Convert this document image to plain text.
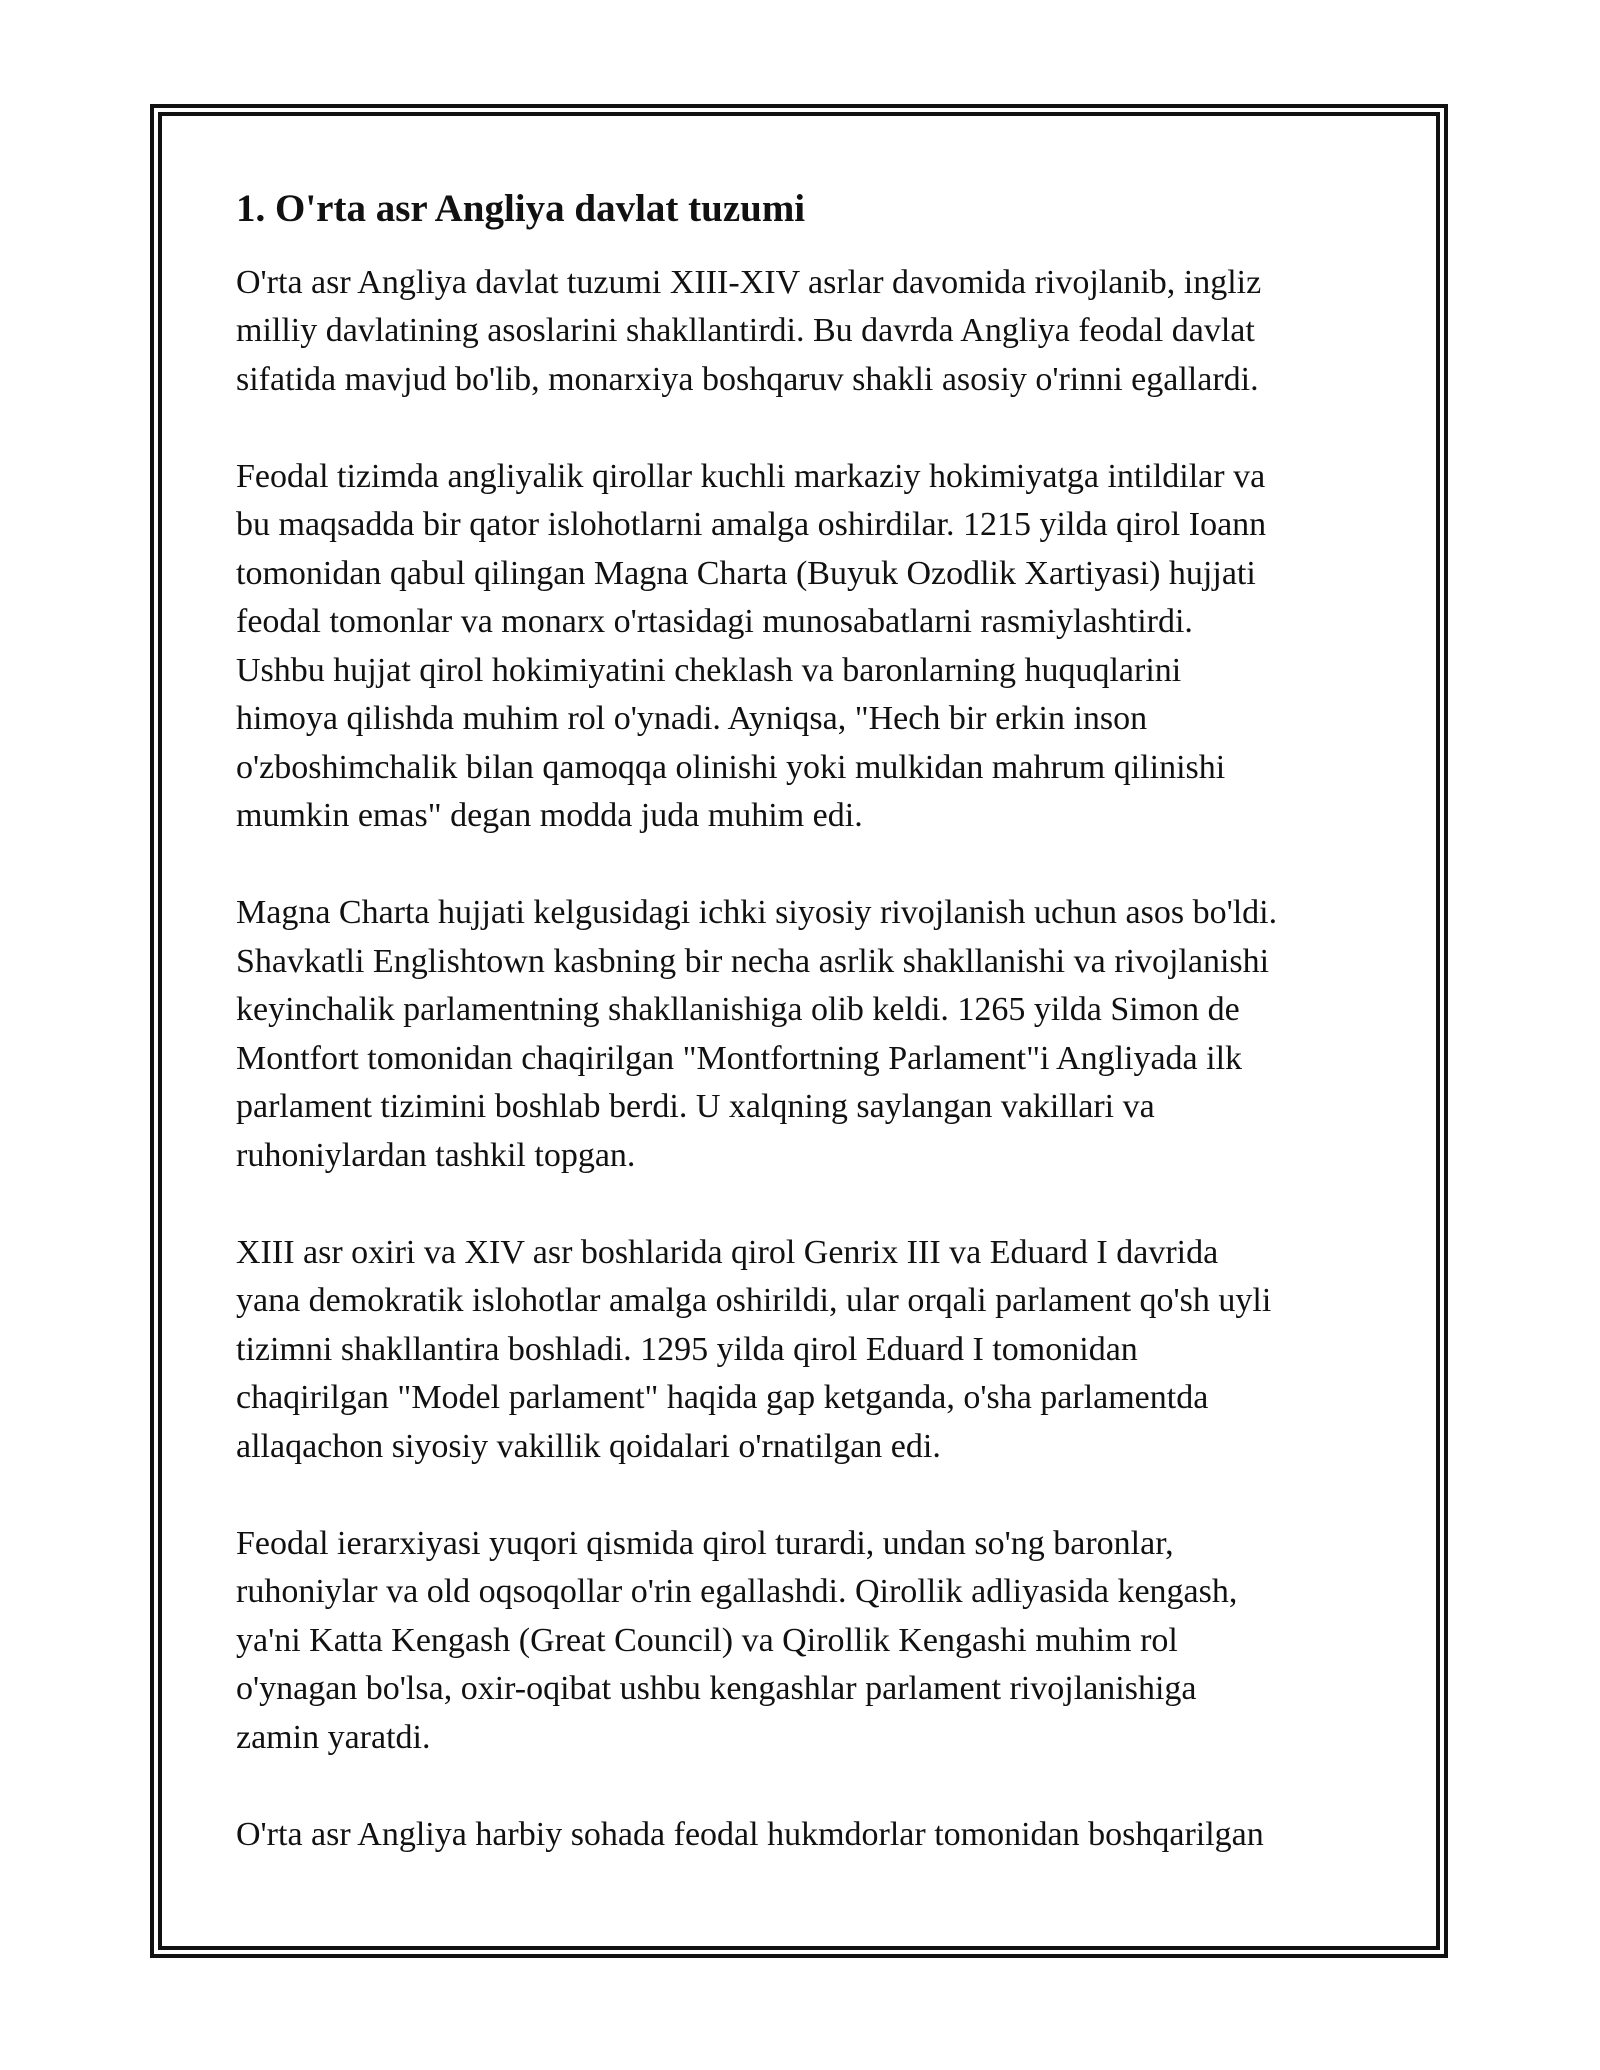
1. O'rta asr Angliya davlat tuzumi

O'rta asr Angliya davlat tuzumi XIII-XIV asrlar davomida rivojlanib, ingliz
milliy davlatining asoslarini shakllantirdi. Bu davrda Angliya feodal davlat
sifatida mavjud bo'lib, monarxiya boshqaruv shakli asosiy o'rinni egallardi.

Feodal tizimda angliyalik qirollar kuchli markaziy hokimiyatga intildilar va
bu maqsadda bir qator islohotlarni amalga oshirdilar. 1215 yilda qirol Ioann
tomonidan qabul qilingan Magna Charta (Buyuk Ozodlik Xartiyasi) hujjati
feodal tomonlar va monarx o'rtasidagi munosabatlarni rasmiylashtirdi.
Ushbu hujjat qirol hokimiyatini cheklash va baronlarning huquqlarini
himoya qilishda muhim rol o'ynadi. Ayniqsa, "Hech bir erkin inson
o'zboshimchalik bilan qamoqqa olinishi yoki mulkidan mahrum qilinishi
mumkin emas" degan modda juda muhim edi.

Magna Charta hujjati kelgusidagi ichki siyosiy rivojlanish uchun asos bo'ldi.
Shavkatli Englishtown kasbning bir necha asrlik shakllanishi va rivojlanishi
keyinchalik parlamentning shakllanishiga olib keldi. 1265 yilda Simon de
Montfort tomonidan chaqirilgan "Montfortning Parlament"i Angliyada ilk
parlament tizimini boshlab berdi. U xalqning saylangan vakillari va
ruhoniylardan tashkil topgan.

XIII asr oxiri va XIV asr boshlarida qirol Genrix III va Eduard I davrida
yana demokratik islohotlar amalga oshirildi, ular orqali parlament qo'sh uyli
tizimni shakllantira boshladi. 1295 yilda qirol Eduard I tomonidan
chaqirilgan "Model parlament" haqida gap ketganda, o'sha parlamentda
allaqachon siyosiy vakillik qoidalari o'rnatilgan edi.

Feodal ierarxiyasi yuqori qismida qirol turardi, undan so'ng baronlar,
ruhoniylar va old oqsoqollar o'rin egallashdi. Qirollik adliyasida kengash,
ya'ni Katta Kengash (Great Council) va Qirollik Kengashi muhim rol
o'ynagan bo'lsa, oxir-oqibat ushbu kengashlar parlament rivojlanishiga
zamin yaratdi.

O'rta asr Angliya harbiy sohada feodal hukmdorlar tomonidan boshqarilgan
